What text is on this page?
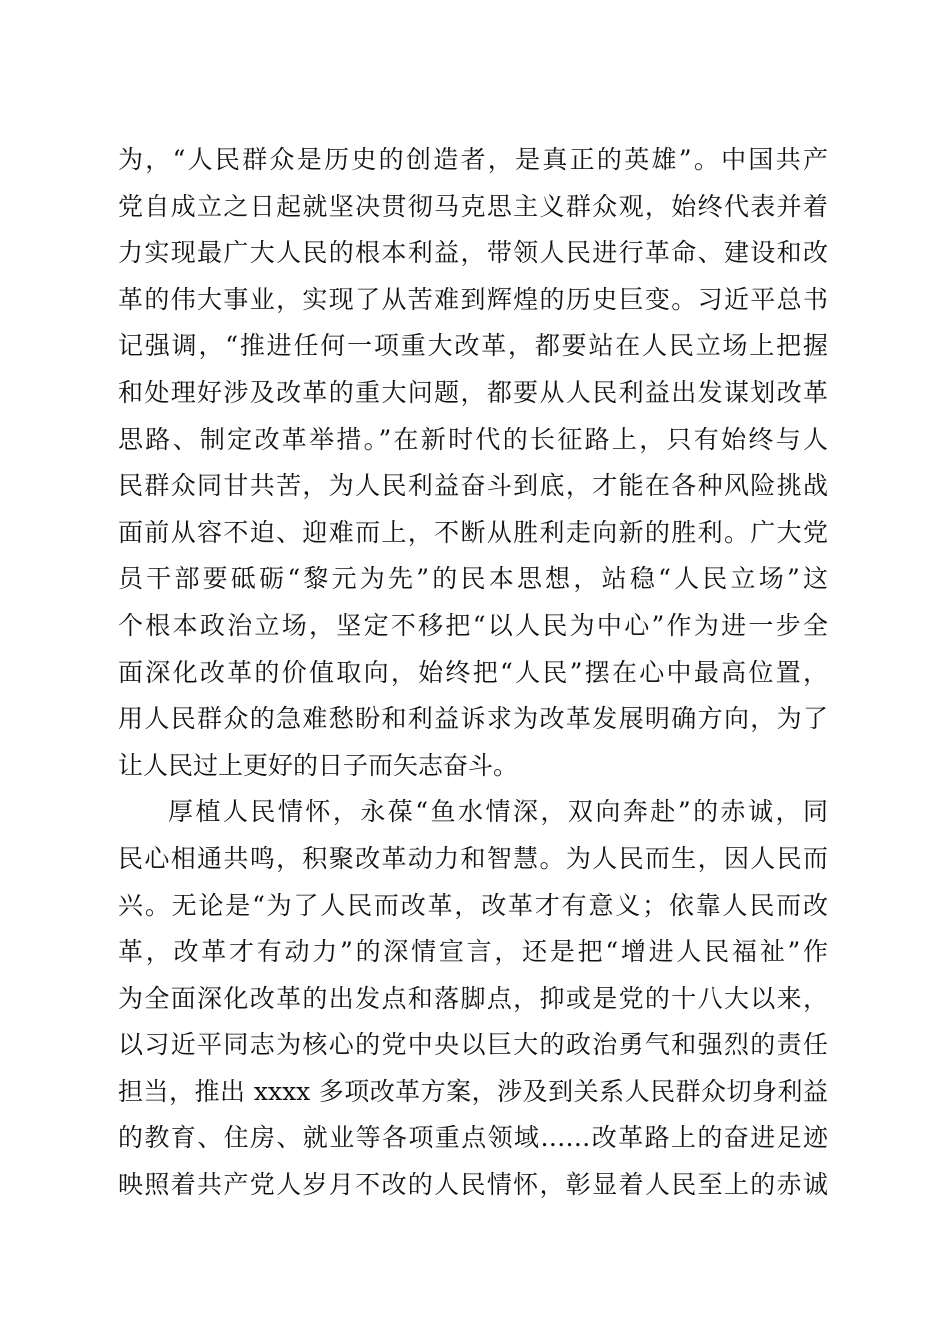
为，“人民群众是历史的创造者，是真正的英雄”。中国共产
党自成立之日起就坚决贯彻马克思主义群众观，始终代表并着
力实现最广大人民的根本利益，带领人民进行革命、建设和改
革的伟大事业，实现了从苦难到辉煌的历史巨变。习近平总书
记强调，“推进任何一项重大改革，都要站在人民立场上把握
和处理好涉及改革的重大问题，都要从人民利益出发谋划改革
思路、制定改革举措。”在新时代的长征路上，只有始终与人
民群众同甘共苦，为人民利益奋斗到底，才能在各种风险挑战
面前从容不迫、迎难而上，不断从胜利走向新的胜利。广大党
员干部要砥砺“黎元为先”的民本思想，站稳“人民立场”这
个根本政治立场，坚定不移把“以人民为中心”作为进一步全
面深化改革的价值取向，始终把“人民”摆在心中最高位置，
用人民群众的急难愁盼和利益诉求为改革发展明确方向，为了
让人民过上更好的日子而矢志奋斗。
厚植人民情怀，永葆“鱼水情深，双向奔赴”的赤诚，同
民心相通共鸣，积聚改革动力和智慧。为人民而生，因人民而
兴。无论是“为了人民而改革，改革才有意义；依靠人民而改
革，改革才有动力”的深情宣言，还是把“增进人民福祉”作
为全面深化改革的出发点和落脚点，抑或是党的十八大以来，
以习近平同志为核心的党中央以巨大的政治勇气和强烈的责任
担当，推出 xxxx 多项改革方案，涉及到关系人民群众切身利益
的教育、住房、就业等各项重点领域……改革路上的奋进足迹
映照着共产党人岁月不改的人民情怀，彰显着人民至上的赤诚
